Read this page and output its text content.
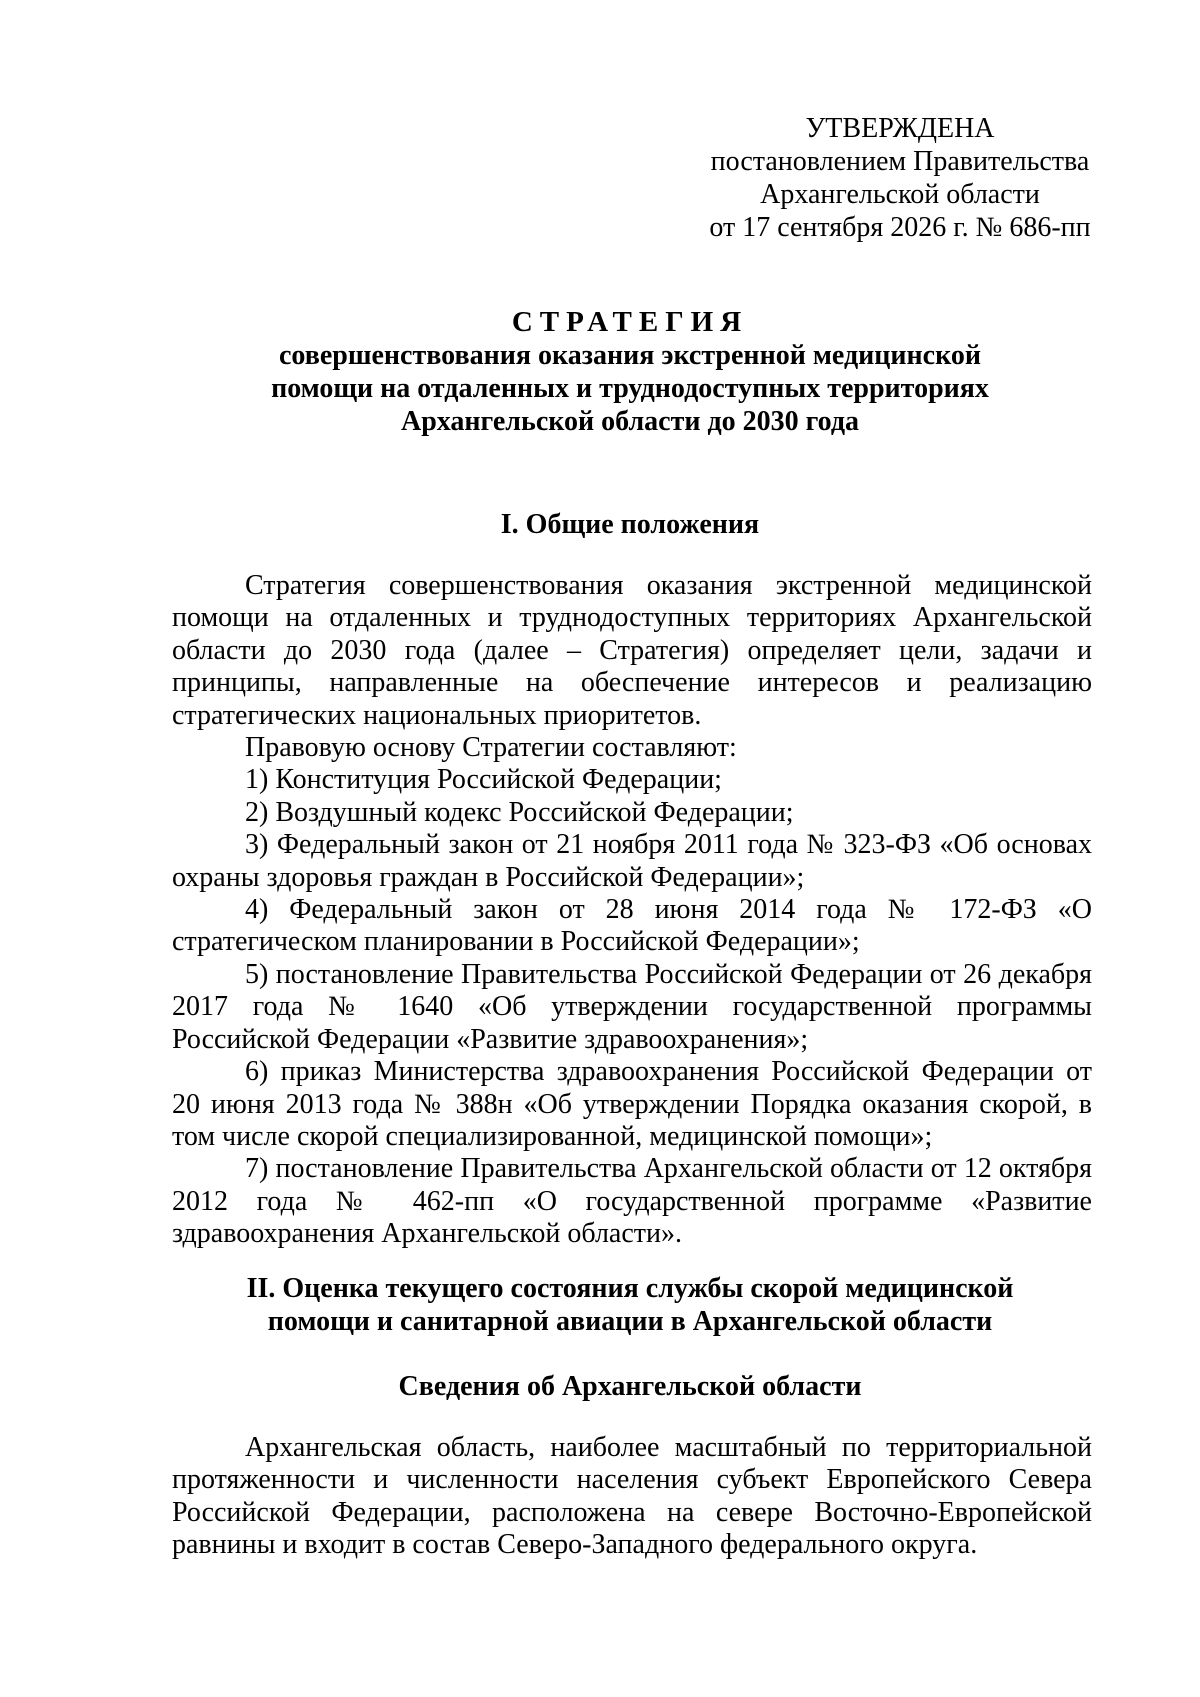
УТВЕРЖДЕНА
постановлением Правительства
Архангельской области
от 17 сентября 2026 г. № 686-пп
СТРАТЕГИЯ
совершенствования оказания экстренной медицинской
помощи на отдаленных и труднодоступных территориях
Архангельской области до 2030 года
I. Общие положения

Стратегия совершенствования оказания экстренной медицинской помощи на отдаленных и труднодоступных территориях Архангельской области до 2030 года (далее – Стратегия) определяет цели, задачи и принципы, направленные на обеспечение интересов и реализацию стратегических национальных приоритетов.

Правовую основу Стратегии составляют:

1) Конституция Российской Федерации;

2) Воздушный кодекс Российской Федерации;

3) Федеральный закон от 21 ноября 2011 года № 323-ФЗ «Об основах охраны здоровья граждан в Российской Федерации»;

4) Федеральный закон от 28 июня 2014 года № 172-ФЗ «О стратегическом планировании в Российской Федерации»;

5) постановление Правительства Российской Федерации от 26 декабря 2017 года № 1640 «Об утверждении государственной программы Российской Федерации «Развитие здравоохранения»;

6) приказ Министерства здравоохранения Российской Федерации от 20 июня 2013 года № 388н «Об утверждении Порядка оказания скорой, в том числе скорой специализированной, медицинской помощи»;

7) постановление Правительства Архангельской области от 12 октября 2012 года № 462-пп «О государственной программе «Развитие здравоохранения Архангельской области».

II. Оценка текущего состояния службы скорой медицинской
помощи и санитарной авиации в Архангельской области
Сведения об Архангельской области

Архангельская область, наиболее масштабный по территориальной протяженности и численности населения субъект Европейского Севера Российской Федерации, расположена на севере Восточно-Европейской равнины и входит в состав Северо-Западного федерального округа.
